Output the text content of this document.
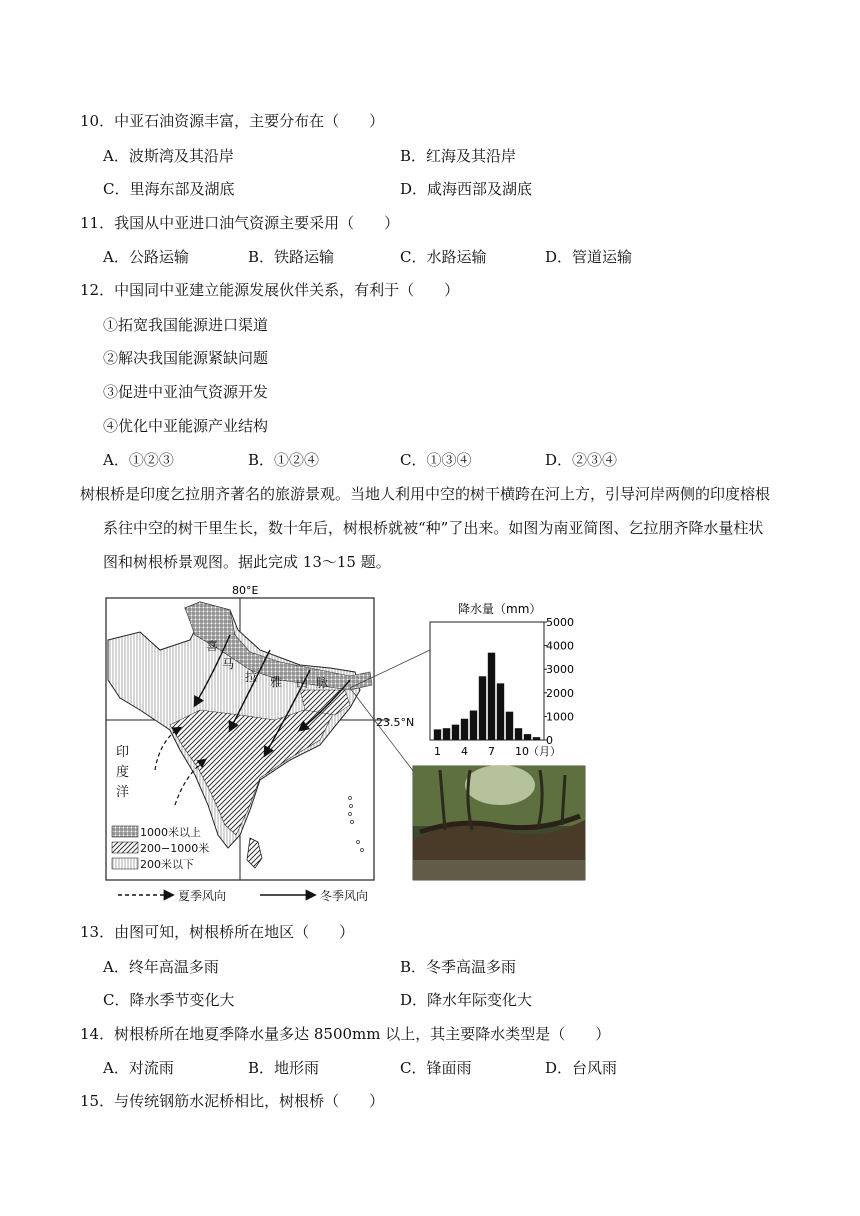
10．中亚石油资源丰富，主要分布在（　　）
A．波斯湾及其沿岸	B．红海及其沿岸
C．里海东部及湖底	D．咸海西部及湖底
11．我国从中亚进口油气资源主要采用（　　）
A．公路运输	B．铁路运输	C．水路运输	D．管道运输
12．中国同中亚建立能源发展伙伴关系，有利于（　　）
①拓宽我国能源进口渠道
②解决我国能源紧缺问题
③促进中亚油气资源开发
④优化中亚能源产业结构
A．①②③	B．①②④	C．①③④	D．②③④
树根桥是印度乞拉朋齐著名的旅游景观。当地人利用中空的树干横跨在河上方，引导河岸两侧的印度榕根
系往中空的树干里生长，数十年后，树根桥就被“种”了出来。如图为南亚简图、乞拉朋齐降水量柱状
图和树根桥景观图。据此完成 13～15 题。
80°E
23.5°N
喜
马
拉 雅 山 脉
印
度
洋
1000米以上
200−1000米
200米以下
夏季风向	冬季风向
降水量（mm）
（月）
0
1000
2000
3000
4000
5000
1 4 7 10
13．由图可知，树根桥所在地区（　　）
A．终年高温多雨	B．冬季高温多雨
C．降水季节变化大	D．降水年际变化大
14．树根桥所在地夏季降水量多达 8500mm 以上，其主要降水类型是（　　）
A．对流雨	B．地形雨	C．锋面雨	D．台风雨
15．与传统钢筋水泥桥相比，树根桥（　　）
